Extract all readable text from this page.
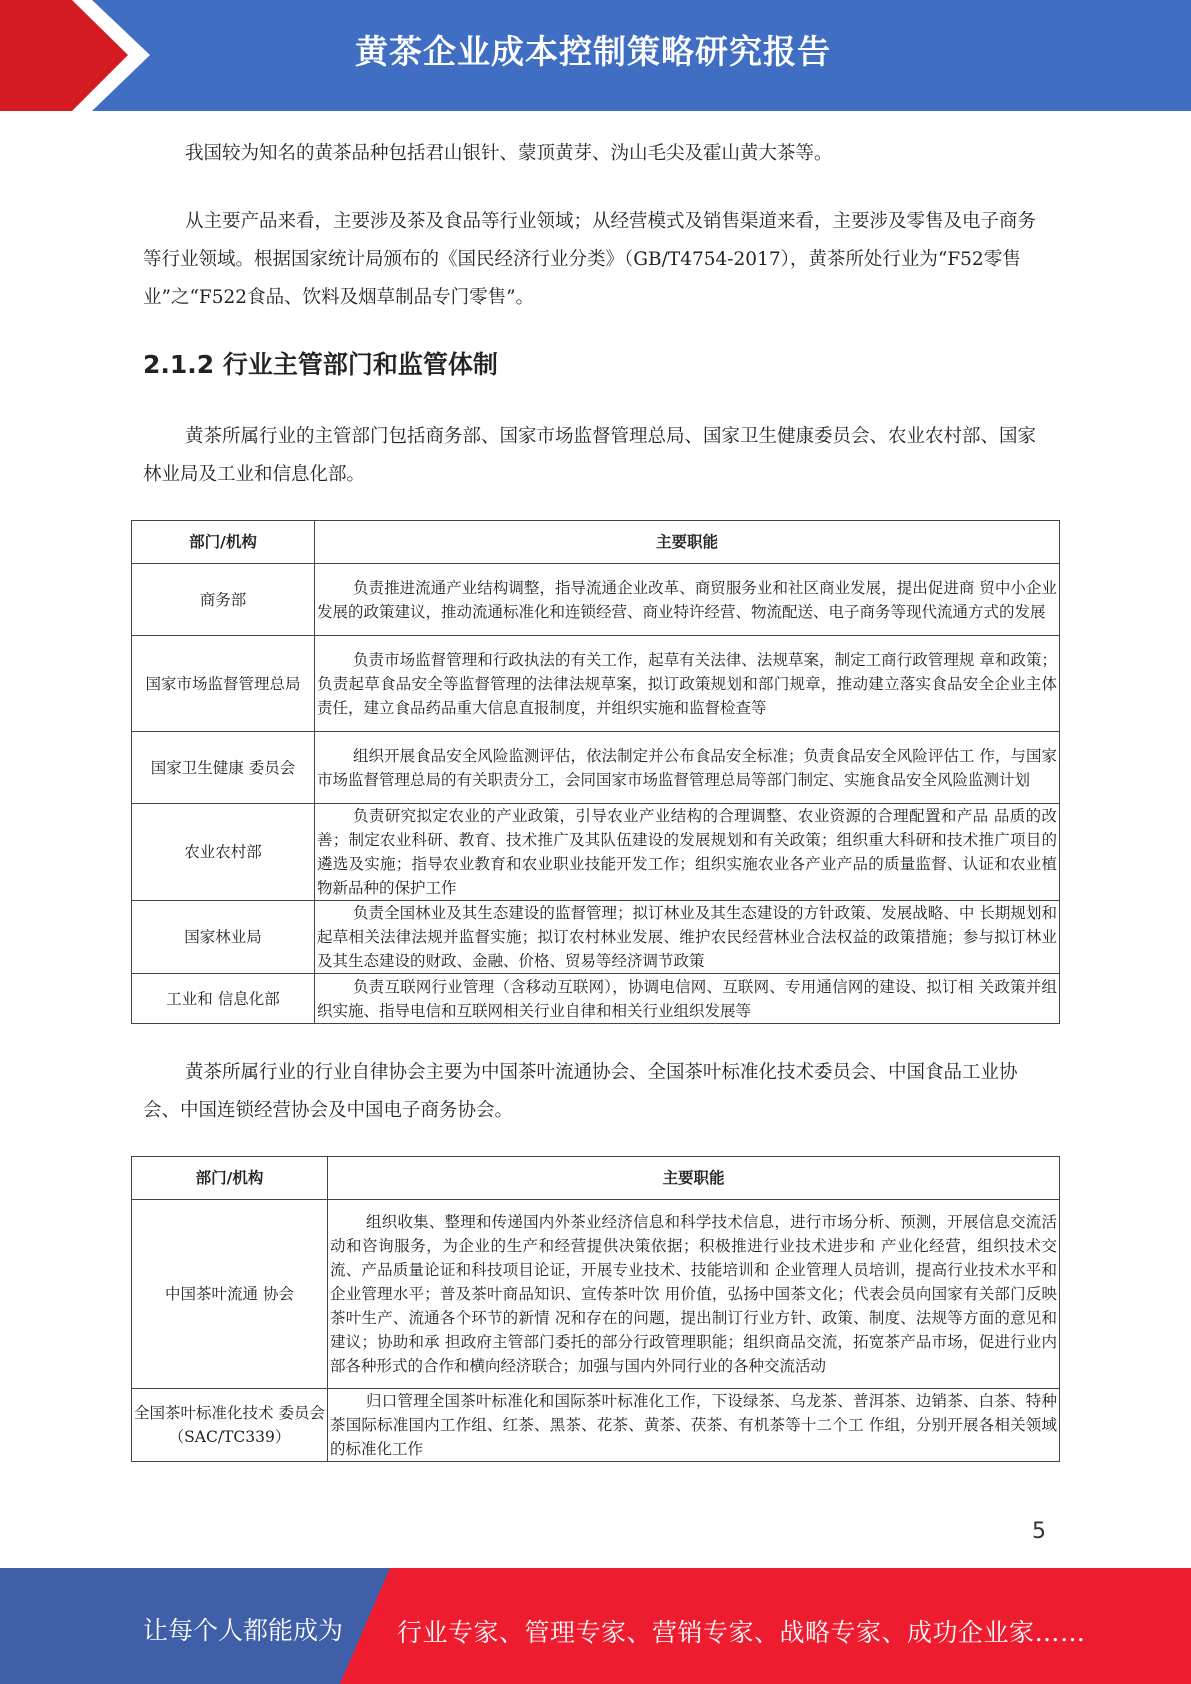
黄茶企业成本控制策略研究报告

我国较为知名的黄茶品种包括君山银针、蒙顶黄芽、沩山毛尖及霍山黄大茶等。

从主要产品来看，主要涉及茶及食品等行业领域；从经营模式及销售渠道来看，主要涉及零售及电子商务等行业领域。根据国家统计局颁布的《国民经济行业分类》（GB/T4754-2017），黄茶所处行业为“F52零售业”之“F522食品、饮料及烟草制品专门零售”。

2.1.2 行业主管部门和监管体制

黄茶所属行业的主管部门包括商务部、国家市场监督管理总局、国家卫生健康委员会、农业农村部、国家林业局及工业和信息化部。

部门/机构	主要职能
商务部	负责推进流通产业结构调整，指导流通企业改革、商贸服务业和社区商业发展，提出促进商 贸中小企业发展的政策建议，推动流通标准化和连锁经营、商业特许经营、物流配送、电子商务等现代流通方式的发展
国家市场监督管理总局	负责市场监督管理和行政执法的有关工作，起草有关法律、法规草案，制定工商行政管理规 章和政策；负责起草食品安全等监督管理的法律法规草案，拟订政策规划和部门规章，推动建立落实食品安全企业主体责任，建立食品药品重大信息直报制度，并组织实施和监督检查等
国家卫生健康 委员会	组织开展食品安全风险监测评估，依法制定并公布食品安全标准；负责食品安全风险评估工 作，与国家市场监督管理总局的有关职责分工，会同国家市场监督管理总局等部门制定、实施食品安全风险监测计划
农业农村部	负责研究拟定农业的产业政策，引导农业产业结构的合理调整、农业资源的合理配置和产品 品质的改善；制定农业科研、教育、技术推广及其队伍建设的发展规划和有关政策；组织重大科研和技术推广项目的遴选及实施；指导农业教育和农业职业技能开发工作；组织实施农业各产业产品的质量监督、认证和农业植物新品种的保护工作
国家林业局	负责全国林业及其生态建设的监督管理；拟订林业及其生态建设的方针政策、发展战略、中 长期规划和起草相关法律法规并监督实施；拟订农村林业发展、维护农民经营林业合法权益的政策措施；参与拟订林业及其生态建设的财政、金融、价格、贸易等经济调节政策
工业和 信息化部	负责互联网行业管理（含移动互联网），协调电信网、互联网、专用通信网的建设、拟订相 关政策并组织实施、指导电信和互联网相关行业自律和相关行业组织发展等

黄茶所属行业的行业自律协会主要为中国茶叶流通协会、全国茶叶标准化技术委员会、中国食品工业协会、中国连锁经营协会及中国电子商务协会。

部门/机构	主要职能
中国茶叶流通 协会	组织收集、整理和传递国内外茶业经济信息和科学技术信息，进行市场分析、预测，开展信息交流活动和咨询服务，为企业的生产和经营提供决策依据；积极推进行业技术进步和 产业化经营，组织技术交流、产品质量论证和科技项目论证，开展专业技术、技能培训和 企业管理人员培训，提高行业技术水平和企业管理水平；普及茶叶商品知识、宣传茶叶饮 用价值，弘扬中国茶文化；代表会员向国家有关部门反映茶叶生产、流通各个环节的新情 况和存在的问题，提出制订行业方针、政策、制度、法规等方面的意见和建议；协助和承 担政府主管部门委托的部分行政管理职能；组织商品交流，拓宽茶产品市场，促进行业内 部各种形式的合作和横向经济联合；加强与国内外同行业的各种交流活动
全国茶叶标准化技术 委员会（SAC/TC339）	归口管理全国茶叶标准化和国际茶叶标准化工作，下设绿茶、乌龙茶、普洱茶、边销茶、白茶、特种茶国际标准国内工作组、红茶、黑茶、花茶、黄茶、茯茶、有机茶等十二个工 作组，分别开展各相关领域的标准化工作
5
让每个人都能成为 行业专家、管理专家、营销专家、战略专家、成功企业家……
